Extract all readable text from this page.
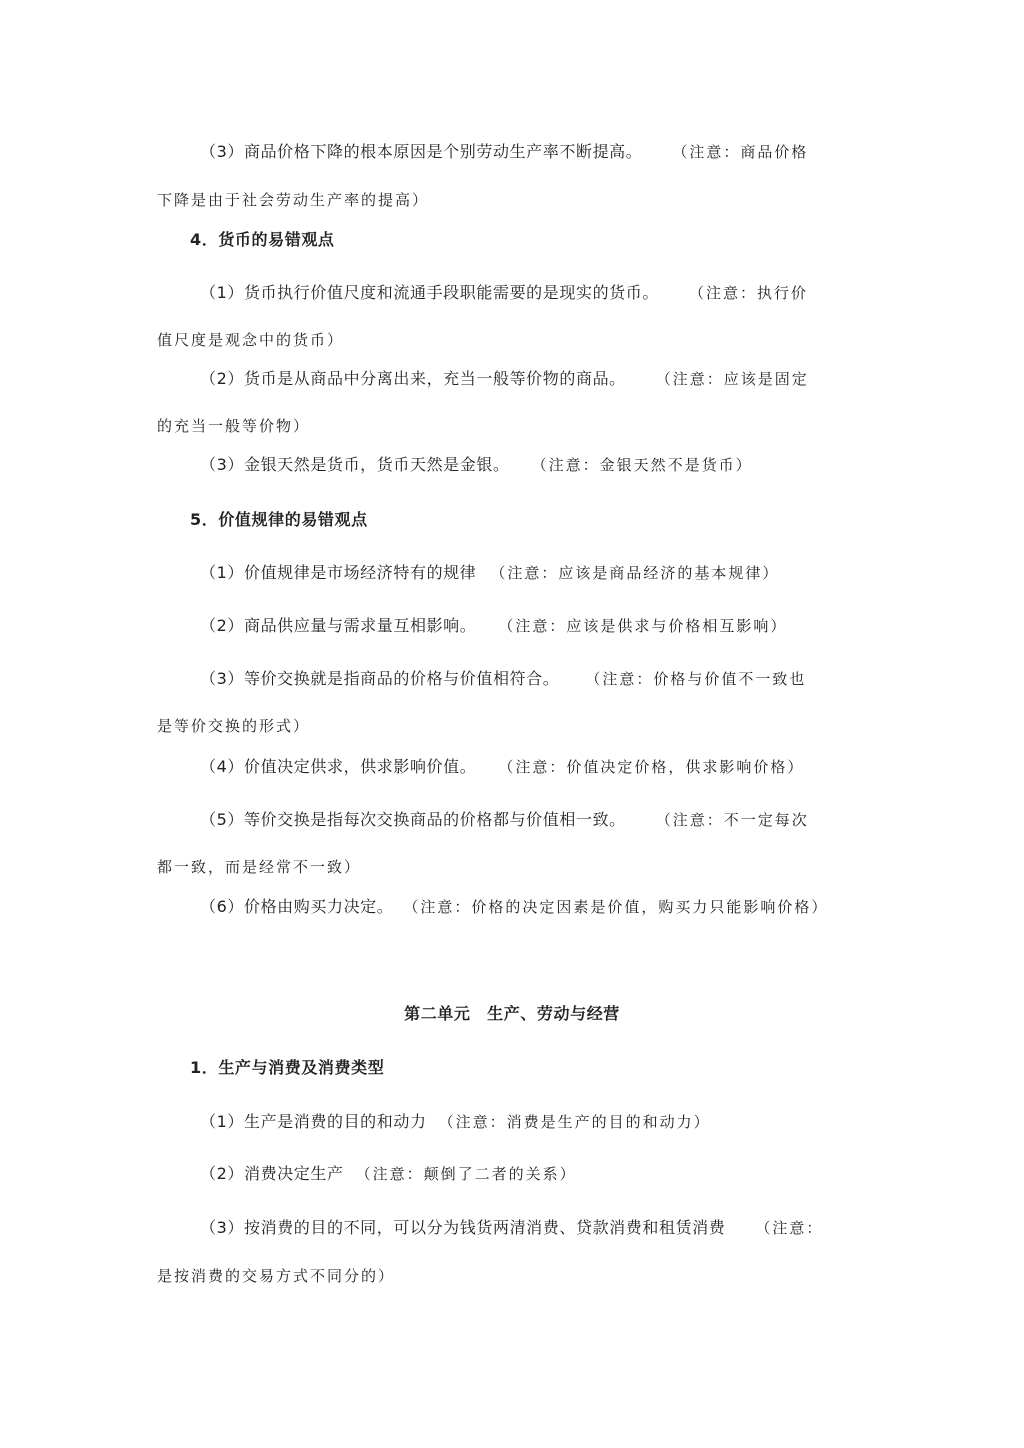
（3）商品价格下降的根本原因是个别劳动生产率不断提高。 （注意：商品价格
下降是由于社会劳动生产率的提高）
4．货币的易错观点
（1）货币执行价值尺度和流通手段职能需要的是现实的货币。 （注意：执行价
值尺度是观念中的货币）
（2）货币是从商品中分离出来，充当一般等价物的商品。 （注意：应该是固定
的充当一般等价物）
（3）金银天然是货币，货币天然是金银。 （注意：金银天然不是货币）
5．价值规律的易错观点
（1）价值规律是市场经济特有的规律 （注意：应该是商品经济的基本规律）
（2）商品供应量与需求量互相影响。 （注意：应该是供求与价格相互影响）
（3）等价交换就是指商品的价格与价值相符合。 （注意：价格与价值不一致也
是等价交换的形式）
（4）价值决定供求，供求影响价值。 （注意：价值决定价格，供求影响价格）
（5）等价交换是指每次交换商品的价格都与价值相一致。 （注意：不一定每次
都一致，而是经常不一致）
（6）价格由购买力决定。 （注意：价格的决定因素是价值，购买力只能影响价格）
第二单元　生产、劳动与经营
1．生产与消费及消费类型
（1）生产是消费的目的和动力 （注意：消费是生产的目的和动力）
（2）消费决定生产 （注意：颠倒了二者的关系）
（3）按消费的目的不同，可以分为钱货两清消费、贷款消费和租赁消费 （注意：
是按消费的交易方式不同分的）
